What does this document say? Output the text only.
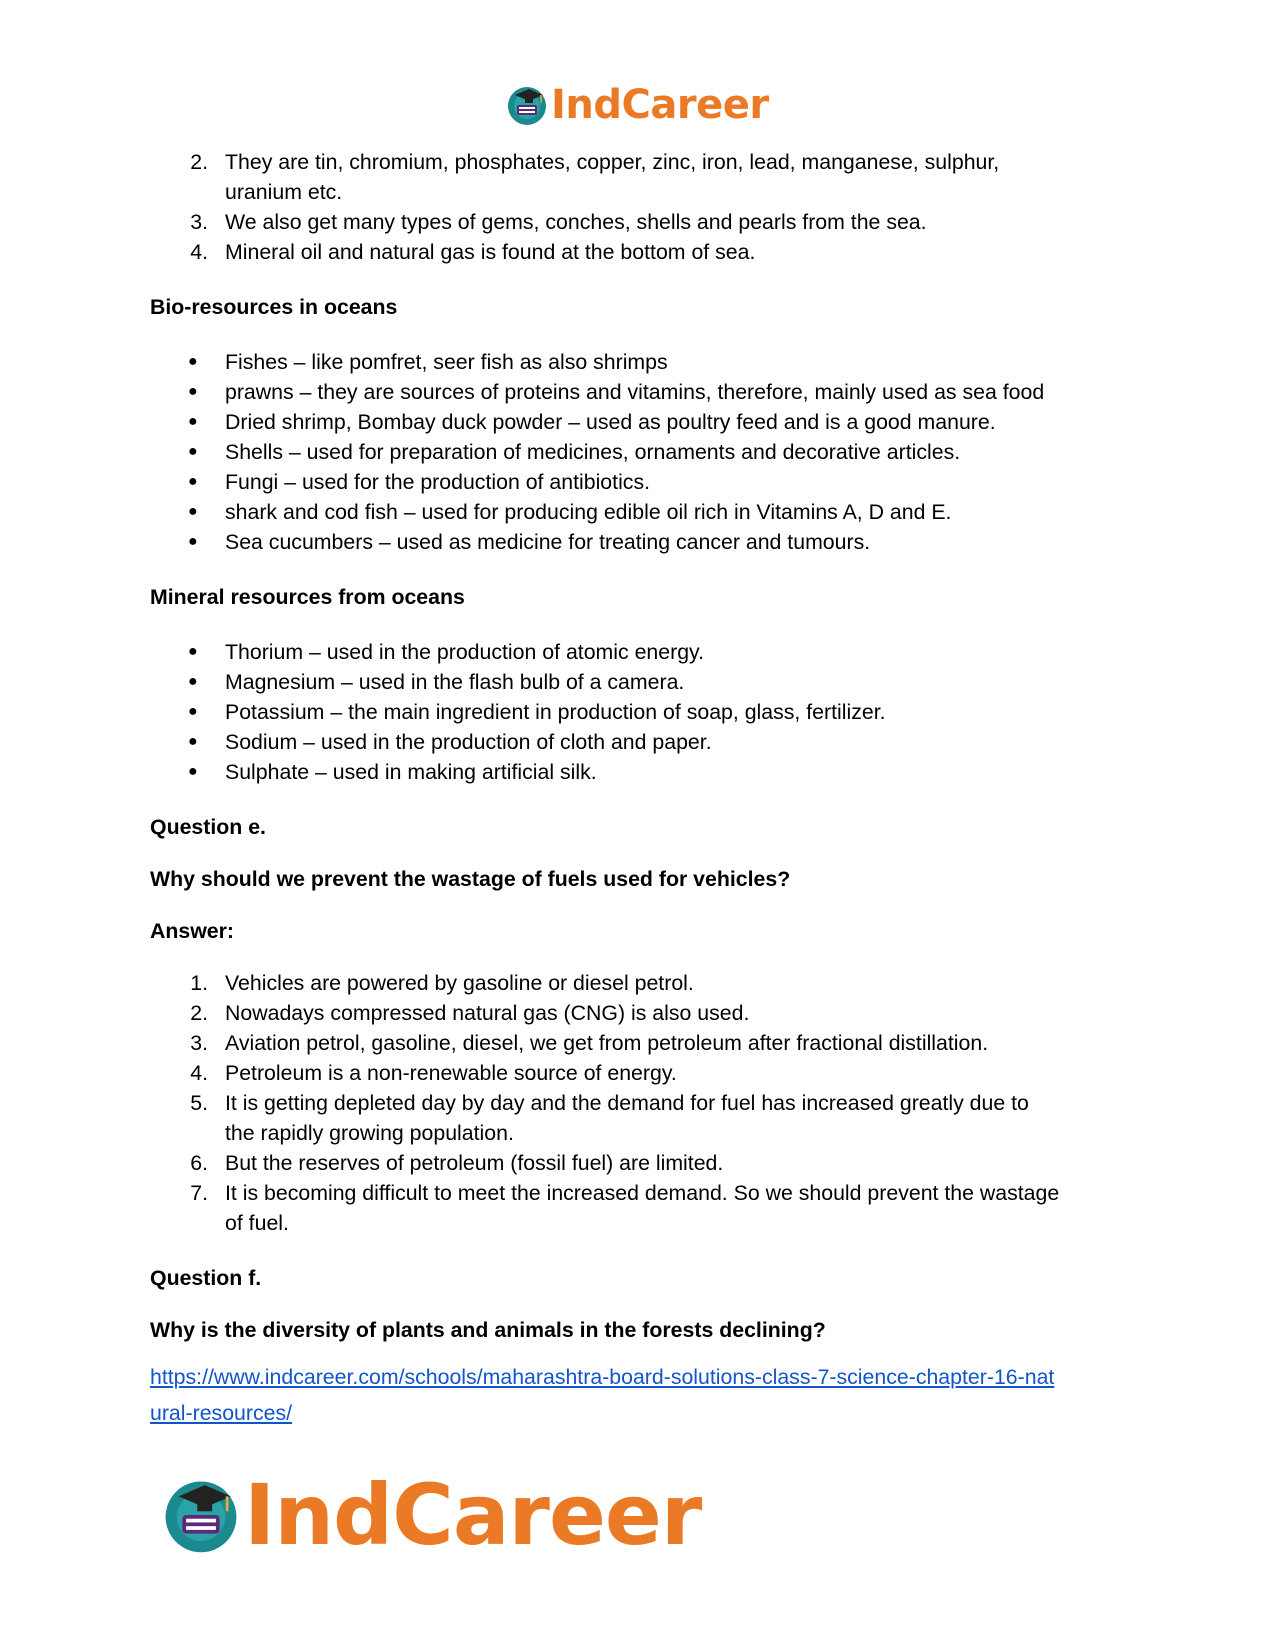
IndCareer
2. They are tin, chromium, phosphates, copper, zinc, iron, lead, manganese, sulphur,
uranium etc.
3. We also get many types of gems, conches, shells and pearls from the sea.
4. Mineral oil and natural gas is found at the bottom of sea.
Bio-resources in oceans
● Fishes – like pomfret, seer fish as also shrimps
● prawns – they are sources of proteins and vitamins, therefore, mainly used as sea food
● Dried shrimp, Bombay duck powder – used as poultry feed and is a good manure.
● Shells – used for preparation of medicines, ornaments and decorative articles.
● Fungi – used for the production of antibiotics.
● shark and cod fish – used for producing edible oil rich in Vitamins A, D and E.
● Sea cucumbers – used as medicine for treating cancer and tumours.
Mineral resources from oceans
● Thorium – used in the production of atomic energy.
● Magnesium – used in the flash bulb of a camera.
● Potassium – the main ingredient in production of soap, glass, fertilizer.
● Sodium – used in the production of cloth and paper.
● Sulphate – used in making artificial silk.
Question e.
Why should we prevent the wastage of fuels used for vehicles?
Answer:
1. Vehicles are powered by gasoline or diesel petrol.
2. Nowadays compressed natural gas (CNG) is also used.
3. Aviation petrol, gasoline, diesel, we get from petroleum after fractional distillation.
4. Petroleum is a non-renewable source of energy.
5. It is getting depleted day by day and the demand for fuel has increased greatly due to
the rapidly growing population.
6. But the reserves of petroleum (fossil fuel) are limited.
7. It is becoming difficult to meet the increased demand. So we should prevent the wastage
of fuel.
Question f.
Why is the diversity of plants and animals in the forests declining?
https://www.indcareer.com/schools/maharashtra-board-solutions-class-7-science-chapter-16-nat
ural-resources/
IndCareer
